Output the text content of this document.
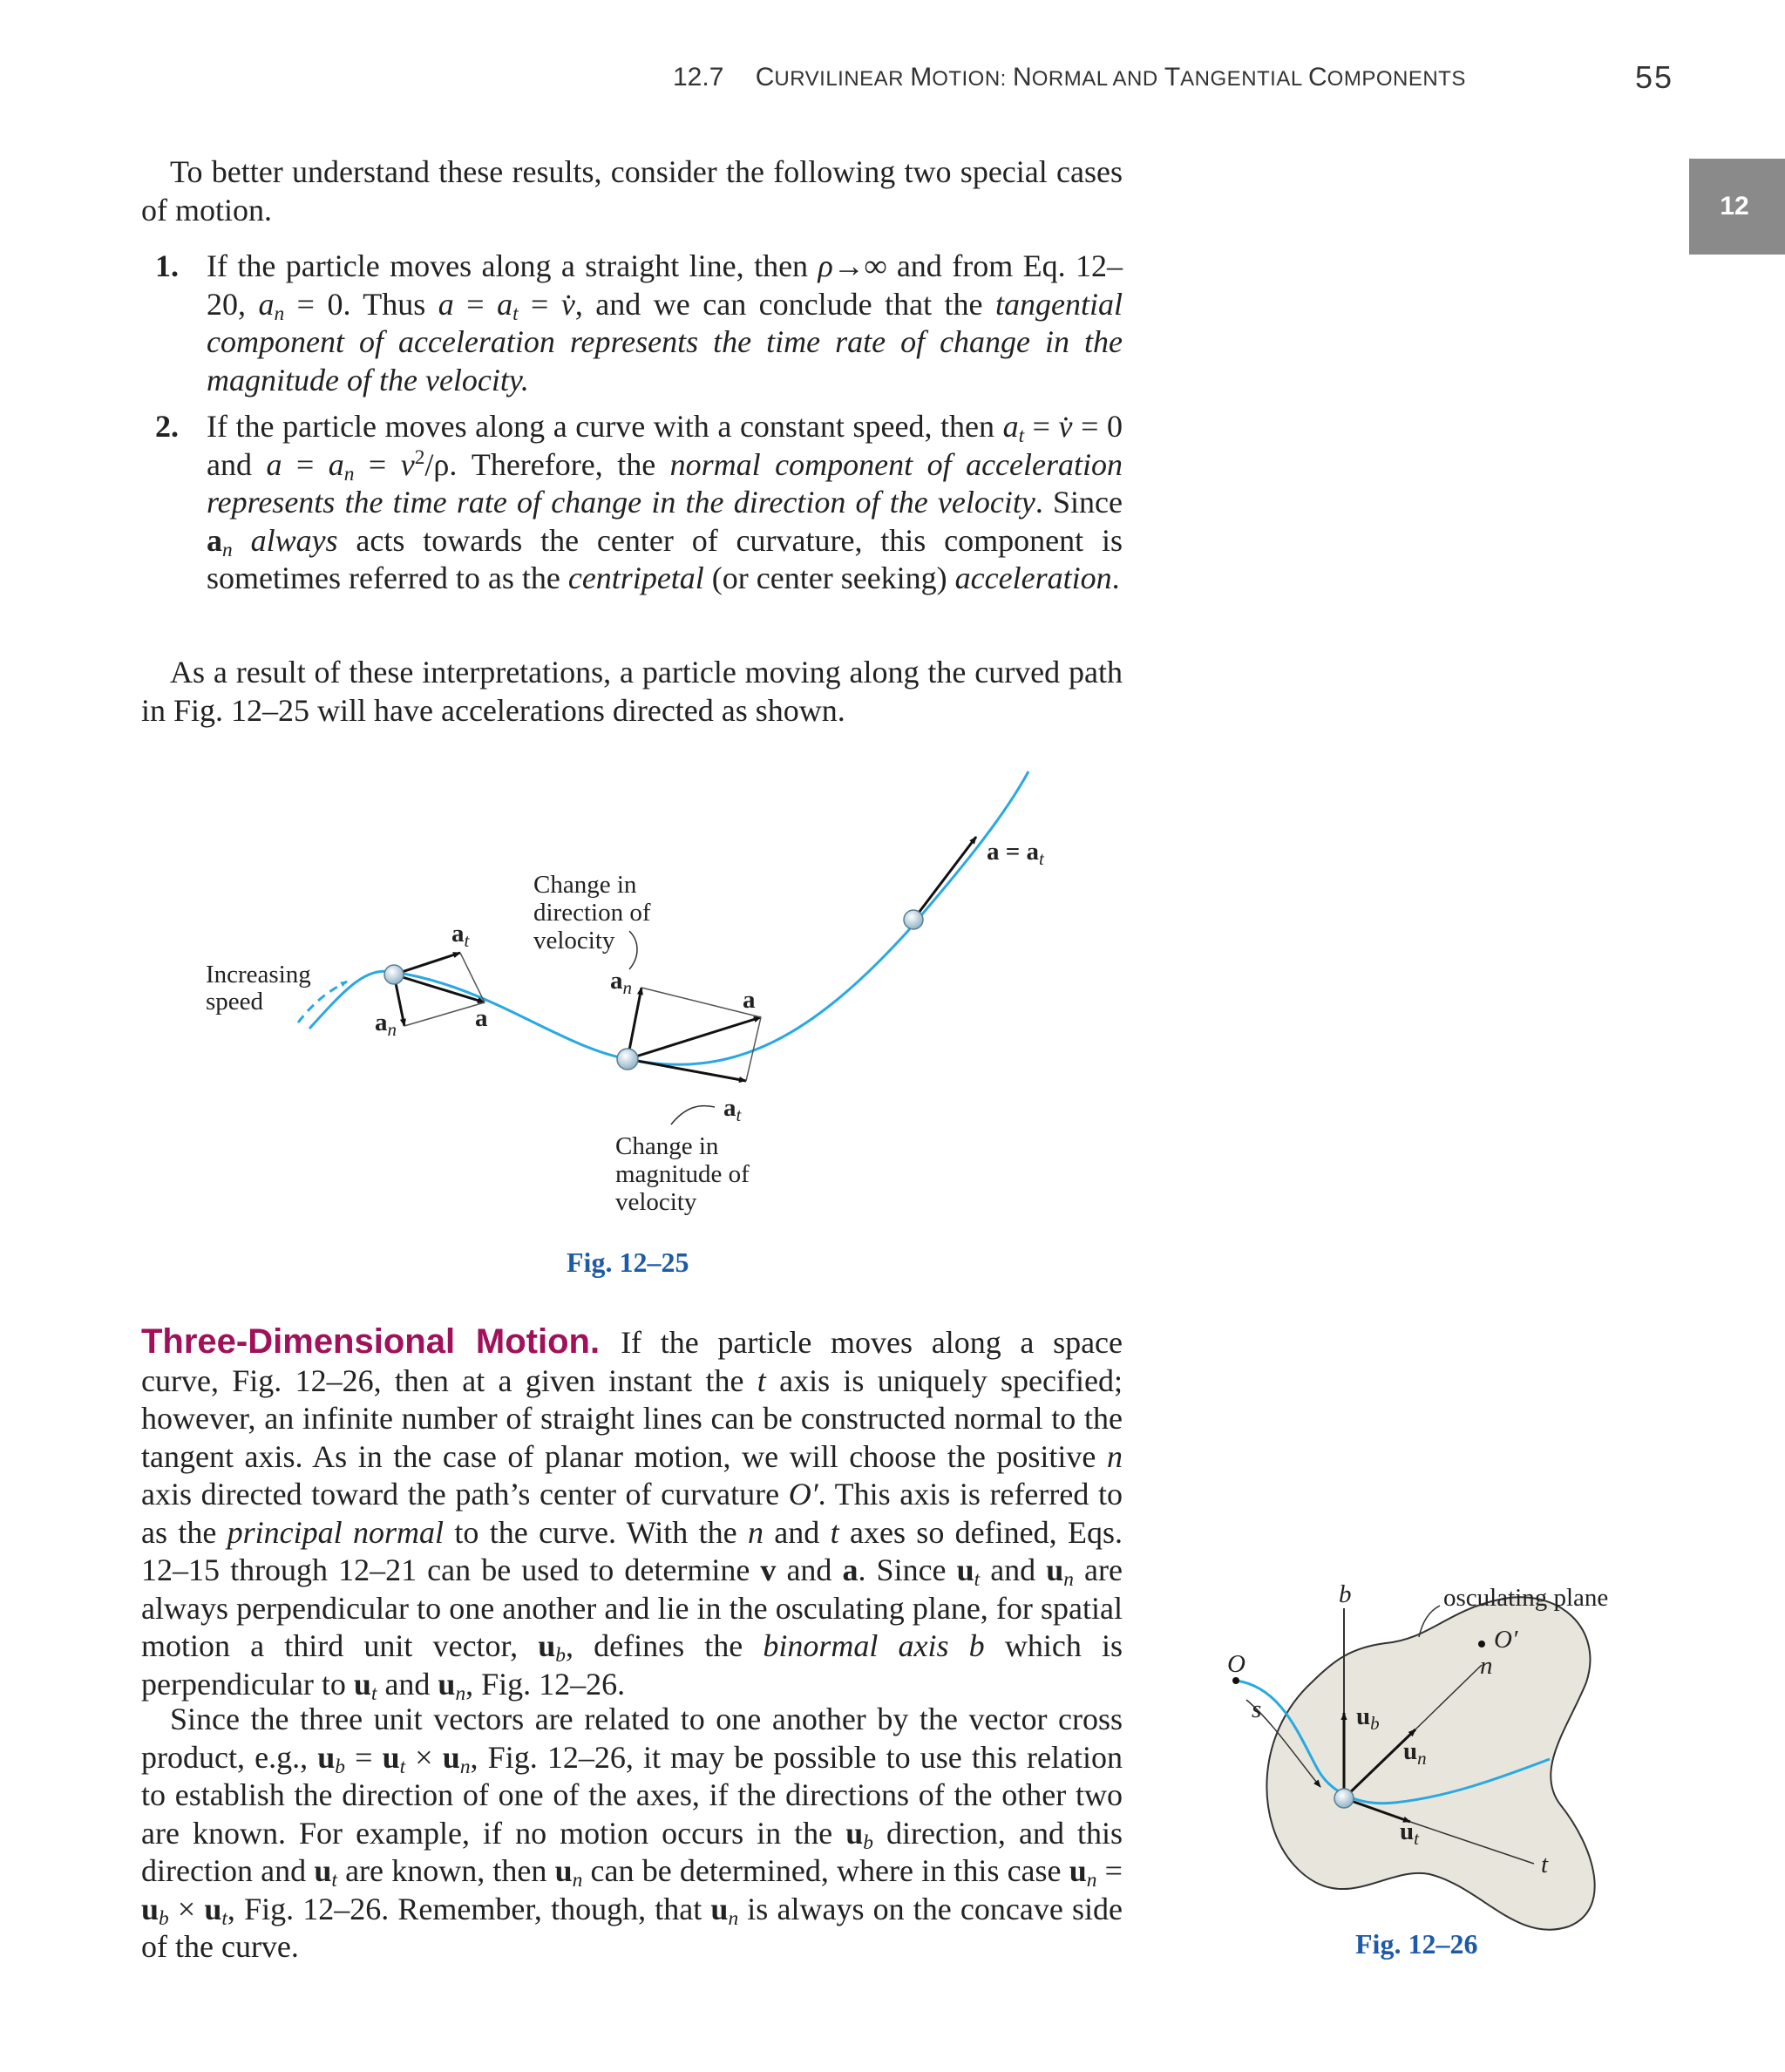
12.7 CURVILINEAR MOTION: NORMAL AND TANGENTIAL COMPONENTS	55
12

To better understand these results, consider the following two special cases of motion.

1. If the particle moves along a straight line, then ρ→∞ and from Eq. 12–20, $a_n = 0$. Thus $a = a_t$ = v̇, and we can conclude that the tangential component of acceleration represents the time rate of change in the magnitude of the velocity.
2. If the particle moves along a curve with a constant speed, then $a_t$ = v̇ = 0 and $a = a_n = v^2/\rho$. Therefore, the normal component of acceleration represents the time rate of change in the direction of the velocity. Since $a_n$ always acts towards the center of curvature, this component is sometimes referred to as the centripetal (or center seeking) acceleration.

As a result of these interpretations, a particle moving along the curved path in Fig. 12–25 will have accelerations directed as shown.

Increasing
speed
Change in
direction of
velocity
Change in
magnitude of
velocity
$a_t$
$a_n$	a
$a_n$	a
$a_t$
$a = a_t$
Fig. 12–25

Three-Dimensional Motion. If the particle moves along a space curve, Fig. 12–26, then at a given instant the t axis is uniquely specified; however, an infinite number of straight lines can be constructed normal to the tangent axis. As in the case of planar motion, we will choose the positive n axis directed toward the path’s center of curvature O′. This axis is referred to as the principal normal to the curve. With the n and t axes so defined, Eqs. 12–15 through 12–21 can be used to determine v and a. Since $u_t$ and $u_n$ are always perpendicular to one another and lie in the osculating plane, for spatial motion a third unit vector, $u_b$, defines the binormal axis b which is perpendicular to $u_t$ and $u_n$, Fig. 12–26.

Since the three unit vectors are related to one another by the vector cross product, e.g., $u_b = u_t \times u_n$, Fig. 12–26, it may be possible to use this relation to establish the direction of one of the axes, if the directions of the other two are known. For example, if no motion occurs in the $u_b$ direction, and this direction and $u_t$ are known, then $u_n$ can be determined, where in this case $u_n = u_b \times u_t$, Fig. 12–26. Remember, though, that $u_n$ is always on the concave side of the curve.

b	osculating plane
O′
n
O
s
t
$u_b$
$u_n$
$u_t$
Fig. 12–26
